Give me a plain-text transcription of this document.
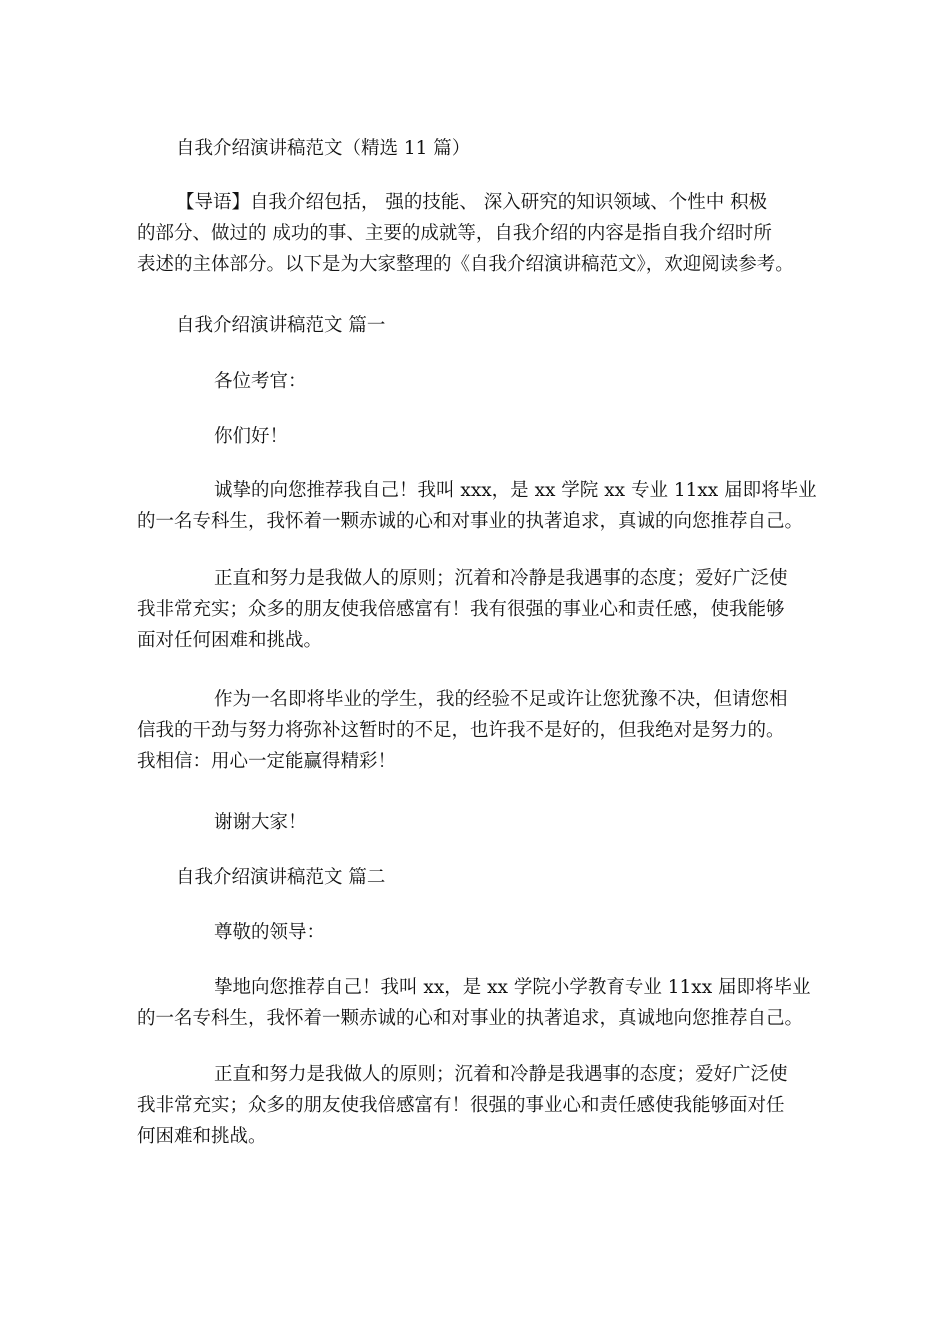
自我介绍演讲稿范文（精选 11 篇）

【导语】自我介绍包括， 强的技能、 深入研究的知识领域、个性中 积极
的部分、做过的 成功的事、主要的成就等，自我介绍的内容是指自我介绍时所
表述的主体部分。以下是为大家整理的《自我介绍演讲稿范文》，欢迎阅读参考。

自我介绍演讲稿范文 篇一

各位考官：

你们好！

诚挚的向您推荐我自己！我叫 xxx，是 xx 学院 xx 专业 11xx 届即将毕业
的一名专科生，我怀着一颗赤诚的心和对事业的执著追求，真诚的向您推荐自己。

正直和努力是我做人的原则；沉着和冷静是我遇事的态度；爱好广泛使
我非常充实；众多的朋友使我倍感富有！我有很强的事业心和责任感，使我能够
面对任何困难和挑战。

作为一名即将毕业的学生，我的经验不足或许让您犹豫不决，但请您相
信我的干劲与努力将弥补这暂时的不足，也许我不是好的，但我绝对是努力的。
我相信：用心一定能赢得精彩！

谢谢大家！

自我介绍演讲稿范文 篇二

尊敬的领导：

挚地向您推荐自己！我叫 xx，是 xx 学院小学教育专业 11xx 届即将毕业
的一名专科生，我怀着一颗赤诚的心和对事业的执著追求，真诚地向您推荐自己。

正直和努力是我做人的原则；沉着和冷静是我遇事的态度；爱好广泛使
我非常充实；众多的朋友使我倍感富有！很强的事业心和责任感使我能够面对任
何困难和挑战。
